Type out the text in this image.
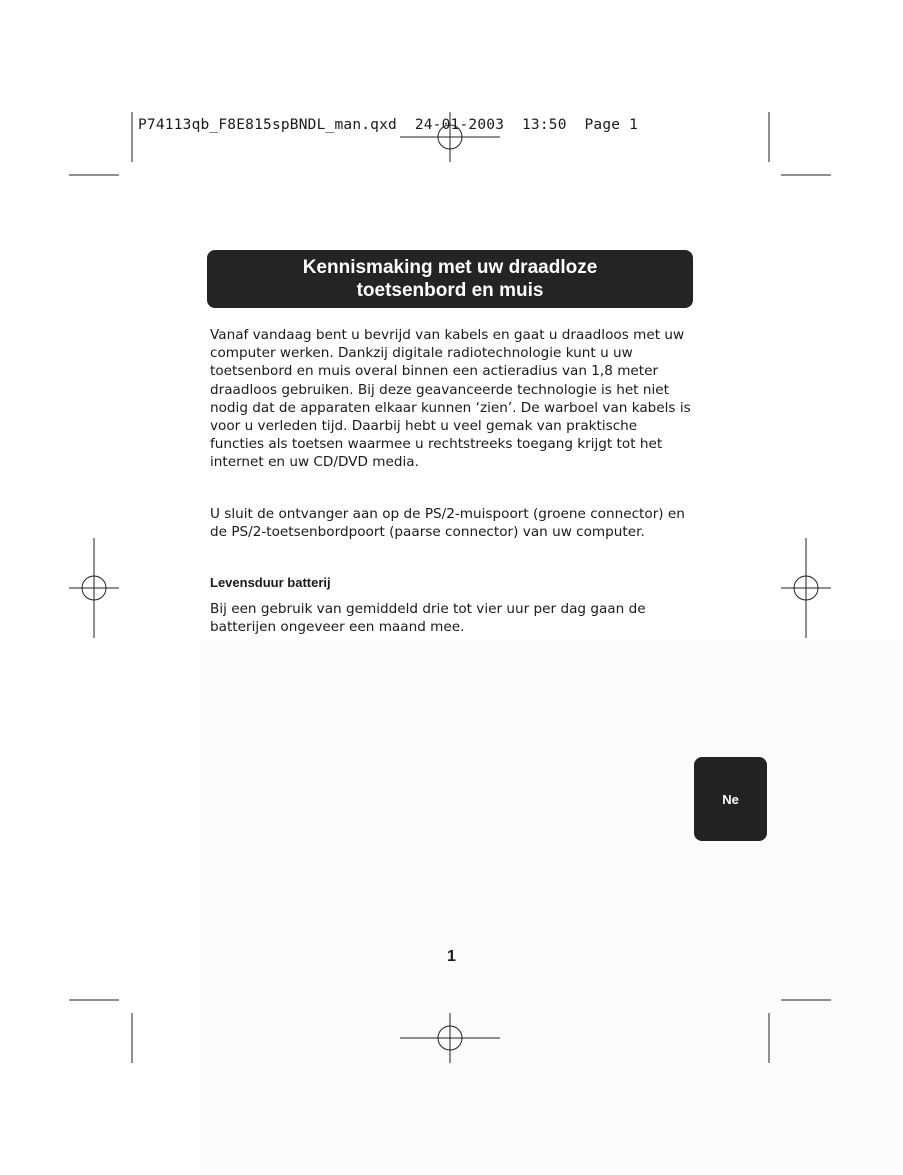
P74113qb_F8E815spBNDL_man.qxd  24-01-2003  13:50  Page 1
Kennismaking met uw draadloze
toetsenbord en muis
Vanaf vandaag bent u bevrijd van kabels en gaat u draadloos met uw
computer werken. Dankzij digitale radiotechnologie kunt u uw
toetsenbord en muis overal binnen een actieradius van 1,8 meter
draadloos gebruiken. Bij deze geavanceerde technologie is het niet
nodig dat de apparaten elkaar kunnen ‘zien’. De warboel van kabels is
voor u verleden tijd. Daarbij hebt u veel gemak van praktische
functies als toetsen waarmee u rechtstreeks toegang krijgt tot het
internet en uw CD/DVD media.
U sluit de ontvanger aan op de PS/2-muispoort (groene connector) en
de PS/2-toetsenbordpoort (paarse connector) van uw computer.
Levensduur batterij
Bij een gebruik van gemiddeld drie tot vier uur per dag gaan de
batterijen ongeveer een maand mee.
Ne
1
